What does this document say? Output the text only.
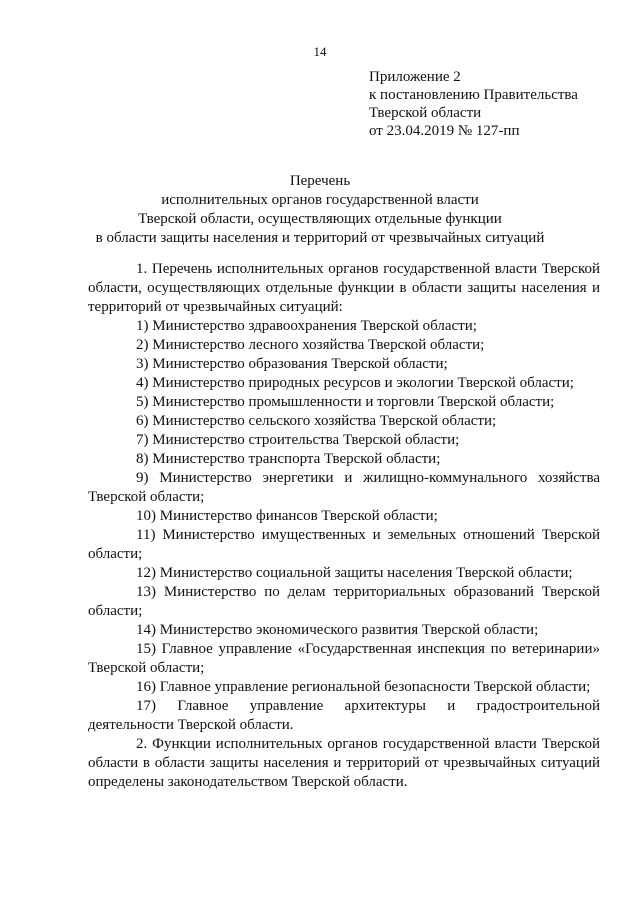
14
Приложение 2
к постановлению Правительства
Тверской области
от 23.04.2019 № 127-пп
Перечень
исполнительных органов государственной власти
Тверской области, осуществляющих отдельные функции
в области защиты населения и территорий от чрезвычайных ситуаций

1. Перечень исполнительных органов государственной власти Тверской области, осуществляющих отдельные функции в области защиты населения и территорий от чрезвычайных ситуаций:

1) Министерство здравоохранения Тверской области;

2) Министерство лесного хозяйства Тверской области;

3) Министерство образования Тверской области;

4) Министерство природных ресурсов и экологии Тверской области;

5) Министерство промышленности и торговли Тверской области;

6) Министерство сельского хозяйства Тверской области;

7) Министерство строительства Тверской области;

8) Министерство транспорта Тверской области;

9) Министерство энергетики и жилищно-коммунального хозяйства Тверской области;

10) Министерство финансов Тверской области;

11) Министерство имущественных и земельных отношений Тверской области;

12) Министерство социальной защиты населения Тверской области;

13) Министерство по делам территориальных образований Тверской области;

14) Министерство экономического развития Тверской области;

15) Главное управление «Государственная инспекция по ветеринарии» Тверской области;

16) Главное управление региональной безопасности Тверской области;

17) Главное управление архитектуры и градостроительной деятельности Тверской области.

2. Функции исполнительных органов государственной власти Тверской области в области защиты населения и территорий от чрезвычайных ситуаций определены законодательством Тверской области.
